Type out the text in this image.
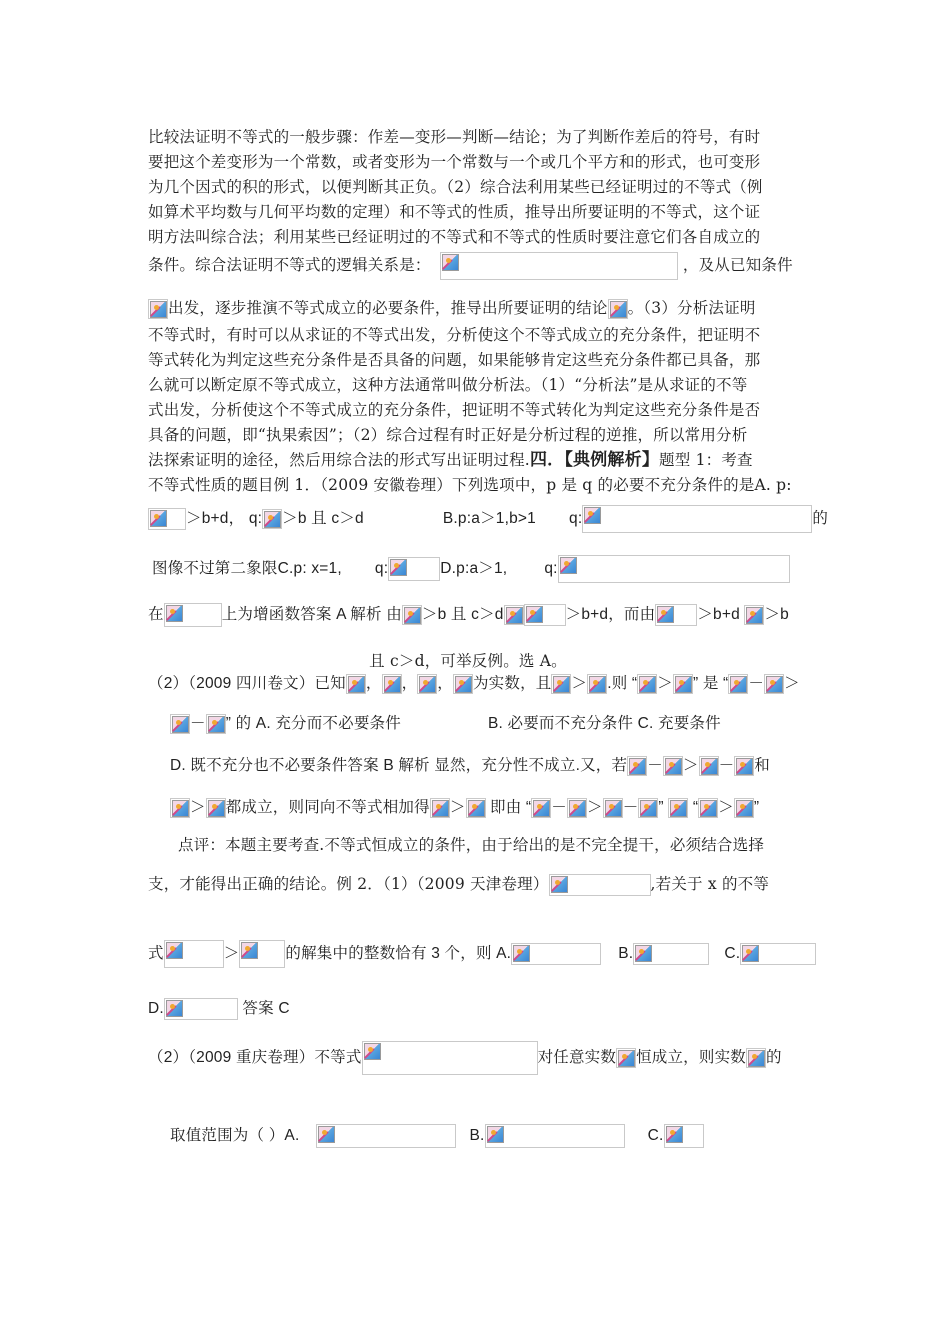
比较法证明不等式的一般步骤：作差—变形—判断—结论；为了判断作差后的符号，有时
要把这个差变形为一个常数，或者变形为一个常数与一个或几个平方和的形式，也可变形
为几个因式的积的形式，以便判断其正负。（2）综合法利用某些已经证明过的不等式（例
如算术平均数与几何平均数的定理）和不等式的性质，推导出所要证明的不等式，这个证
明方法叫综合法；利用某些已经证明过的不等式和不等式的性质时要注意它们各自成立的
条件。综合法证明不等式的逻辑关系是：	，及从已知条件
出发，逐步推演不等式成立的必要条件，推导出所要证明的结论 。（3）分析法证明
不等式时，有时可以从求证的不等式出发，分析使这个不等式成立的充分条件，把证明不
等式转化为判定这些充分条件是否具备的问题，如果能够肯定这些充分条件都已具备，那
么就可以断定原不等式成立，这种方法通常叫做分析法。（1）“分析法”是从求证的不等
式出发，分析使这个不等式成立的充分条件，把证明不等式转化为判定这些充分条件是否
具备的问题，即“执果索因”；（2）综合过程有时正好是分析过程的逆推，所以常用分析
法探索证明的途径，然后用综合法的形式写出证明过程.四．【典例解析】题型 1：考查
不等式性质的题目例 1．（2009 安徽卷理）下列选项中，p 是 q 的必要不充分条件的是A. p:
＞b+d， q: ＞b 且 c＞d	B.p:a＞1,b>1 q:	的
图像不过第二象限C.p: x=1, q:	D.p:a＞1, q:
在	上为增函数答案 A 解析 由 ＞b 且 c＞d	＞b+d，而由	＞b+d ＞b
且 c＞d，可举反例。选 A。
（2）（2009 四川卷文）已知 ， ， ， 为实数，且 ＞ .则 “ ＞ ” 是 “ － ＞
－ ” 的 A. 充分而不必要条件	B. 必要而不充分条件 C. 充要条件
D. 既不充分也不必要条件答案 B 解析 显然，充分性不成立.又，若 － ＞ － 和
＞ 都成立，则同向不等式相加得 ＞
即由 “ － ＞ － ” “ ＞ ”
点评：本题主要考查.不等式恒成立的条件，由于给出的是不完全提干，必须结合选择
支，才能得出正确的结论。例 2．（1）（2009 天津卷理）	,若关于 x 的不等
式	＞	的解集中的整数恰有 3 个，则 A.	B.	C.
D.	答案 C
（2）（2009 重庆卷理）不等式	对任意实数 恒成立，则实数 的
取值范围为（ ）A.	B.	C.
